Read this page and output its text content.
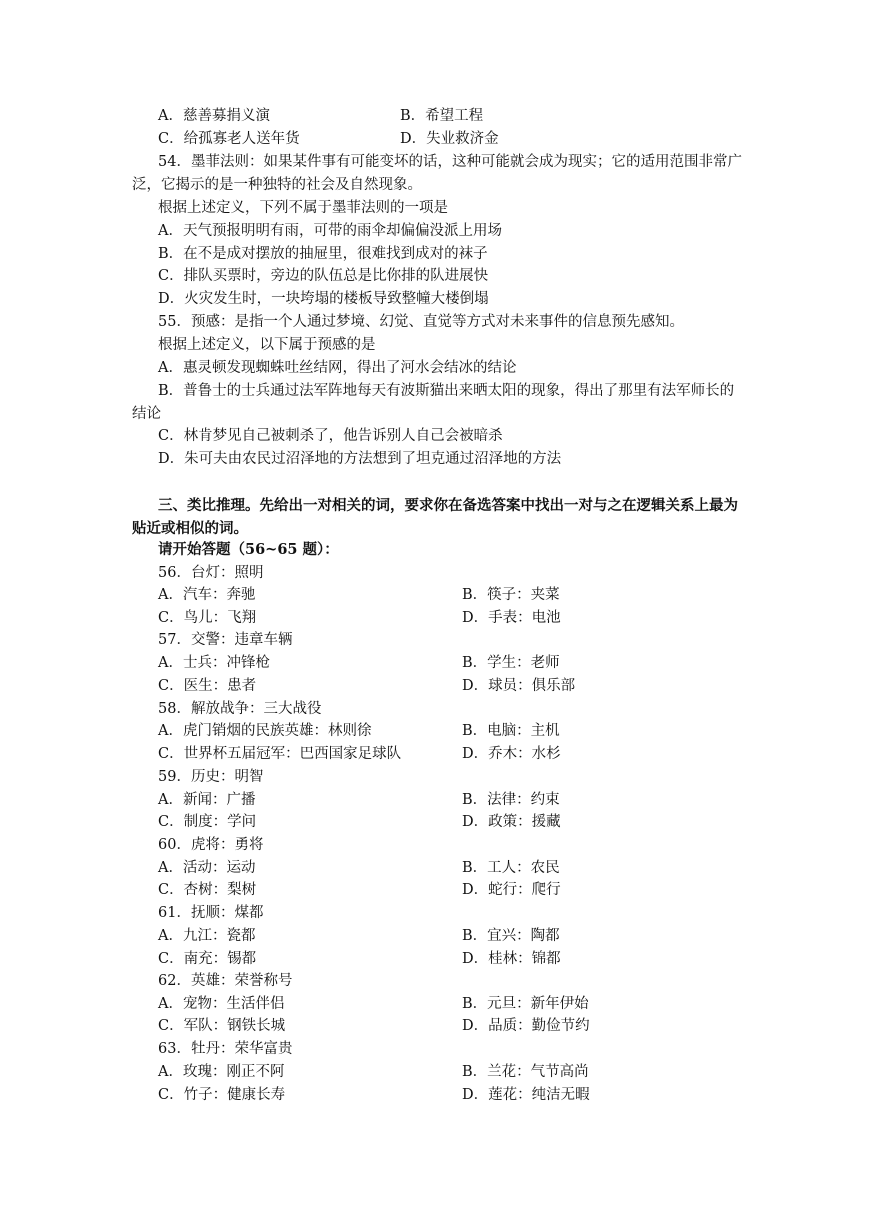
A．慈善募捐义演	B．希望工程
C．给孤寡老人送年货	D．失业救济金
54．墨菲法则：如果某件事有可能变坏的话，这种可能就会成为现实；它的适用范围非常广泛，它揭示的是一种独特的社会及自然现象。
根据上述定义，下列不属于墨菲法则的一项是
A．天气预报明明有雨，可带的雨伞却偏偏没派上用场
B．在不是成对摆放的抽屉里，很难找到成对的袜子
C．排队买票时，旁边的队伍总是比你排的队进展快
D．火灾发生时，一块垮塌的楼板导致整幢大楼倒塌
55．预感：是指一个人通过梦境、幻觉、直觉等方式对未来事件的信息预先感知。
根据上述定义，以下属于预感的是
A．惠灵顿发现蜘蛛吐丝结网，得出了河水会结冰的结论
B．普鲁士的士兵通过法军阵地每天有波斯猫出来晒太阳的现象，得出了那里有法军师长的结论
C．林肯梦见自己被刺杀了，他告诉别人自己会被暗杀
D．朱可夫由农民过沼泽地的方法想到了坦克通过沼泽地的方法
三、类比推理。先给出一对相关的词，要求你在备选答案中找出一对与之在逻辑关系上最为贴近或相似的词。
请开始答题（56~65 题）：
56．台灯：照明
A．汽车：奔驰	B．筷子：夹菜
C．鸟儿：飞翔	D．手表：电池
57．交警：违章车辆
A．士兵：冲锋枪	B．学生：老师
C．医生：患者	D．球员：俱乐部
58．解放战争：三大战役
A．虎门销烟的民族英雄：林则徐	B．电脑：主机
C．世界杯五届冠军：巴西国家足球队	D．乔木：水杉
59．历史：明智
A．新闻：广播	B．法律：约束
C．制度：学问	D．政策：援藏
60．虎将：勇将
A．活动：运动	B．工人：农民
C．杏树：梨树	D．蛇行：爬行
61．抚顺：煤都
A．九江：瓷都	B．宜兴：陶都
C．南充：锡都	D．桂林：锦都
62．英雄：荣誉称号
A．宠物：生活伴侣	B．元旦：新年伊始
C．军队：钢铁长城	D．品质：勤俭节约
63．牡丹：荣华富贵
A．玫瑰：刚正不阿	B．兰花：气节高尚
C．竹子：健康长寿	D．莲花：纯洁无暇
